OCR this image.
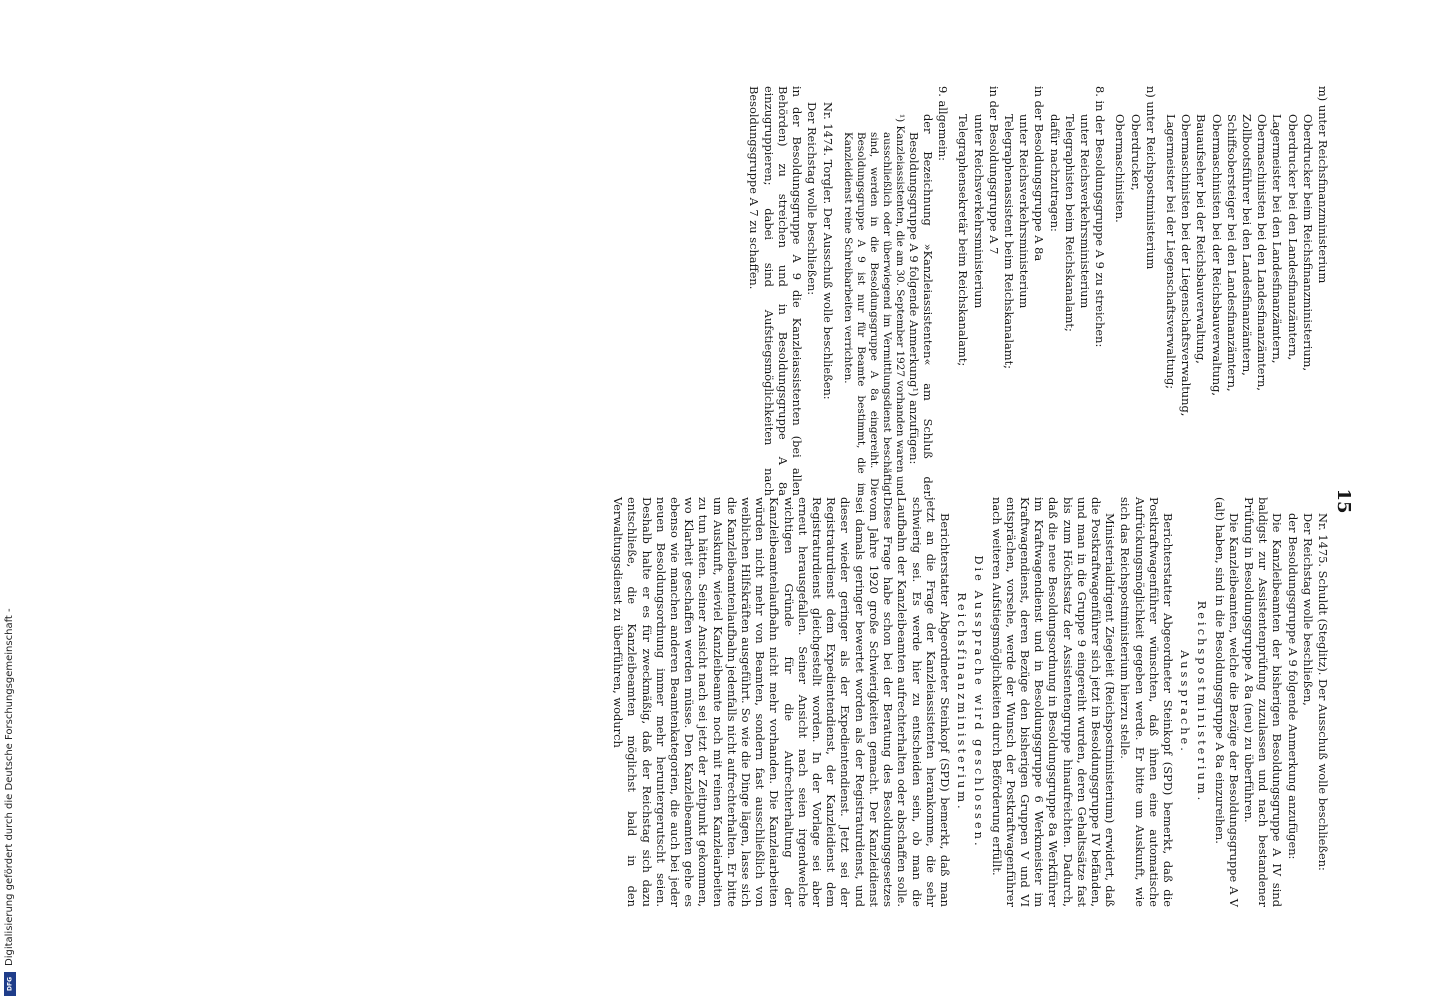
15

m) unter Reichsfinanzministerium

Oberdrucker beim Reichsfinanzministerium,

Oberdrucker bei den Landesfinanzämtern,

Lagermeister bei den Landesfinanzämtern,

Obermaschinisten bei den Landesfinanzämtern,

Zollbootsführer bei den Landesfinanzämtern,

Schiffsobersteiger bei den Landesfinanzämtern,

Obermaschinisten bei der Reichsbauverwaltung,

Bauaufseher bei der Reichsbauverwaltung,

Obermaschinisten bei der Liegenschaftsverwaltung,

Lagermeister bei der Liegenschaftsverwaltung;

n) unter Reichspostministerium

Oberdrucker,

Obermaschinisten.

8. in der Besoldungsgruppe A 9 zu streichen:

unter Reichsverkehrsministerium

Telegraphisten beim Reichskanalamt;

dafür nachzutragen:

in der Besoldungsgruppe A 8a

unter Reichsverkehrsministerium

Telegraphenassistent beim Reichskanalamt;

in der Besoldungsgruppe A 7

unter Reichsverkehrsministerium

Telegraphensekretär beim Reichskanalamt;

9. allgemein:

der Bezeichnung »Kanzleiassistenten« am Schluß der Besoldungsgruppe A 9 folgende Anmerkung¹) anzufügen:

¹) Kanzleiassistenten, die am 30. September 1927 vorhanden waren und ausschließlich oder überwiegend im Vermittlungsdienst beschäftigt sind, werden in die Besoldungsgruppe A 8a eingereiht. Die Besoldungsgruppe A 9 ist nur für Beamte bestimmt, die im Kanzleidienst reine Schreibarbeiten verrichten.

Nr. 1474. Torgler. Der Ausschuß wolle beschließen:

Der Reichstag wolle beschließen:

in der Besoldungsgruppe A 9 die Kanzleiassistenten (bei allen Behörden) zu streichen und in Besoldungsgruppe A 8a einzugruppieren; dabei sind Aufstiegsmöglichkeiten nach Besoldungsgruppe A 7 zu schaffen.

Nr. 1475. Schuldt (Steglitz). Der Ausschuß wolle beschließen:

Der Reichstag wolle beschließen,

der Besoldungsgruppe A 9 folgende Anmerkung anzufügen:

Die Kanzleibeamten der bisherigen Besoldungsgruppe A IV sind baldigst zur Assistentenprüfung zuzulassen und nach bestandener Prüfung in Besoldungsgruppe A 8a (neu) zu überführen.

Die Kanzleibeamten, welche die Bezüge der Besoldungsgruppe A V (alt) haben, sind in die Besoldungsgruppe A 8a einzureihen.

Reichspostministerium.

Aussprache.

Berichterstatter Abgeordneter Steinkopf (SPD) bemerkt, daß die Postkraftwagenführer wünschten, daß ihnen eine automatische Aufrückungsmöglichkeit gegeben werde. Er bitte um Auskunft, wie sich das Reichspostministerium hierzu stelle.

Ministerialdirigent Ziegeleit (Reichspostministerium) erwidert, daß die Postkraftwagenführer sich jetzt in Besoldungsgruppe IV befänden, und man in die Gruppe 9 eingereiht wurden, deren Gehaltssätze fast bis zum Höchstsatz der Assistentengruppe hinaufreichten. Dadurch, daß die neue Besoldungsordnung in Besoldungsgruppe 8a Werkführer im Kraftwagendienst und in Besoldungsgruppe 6 Werkmeister im Kraftwagendienst, deren Bezüge den bisherigen Gruppen V und VI entsprächen, vorsehe, werde der Wunsch der Postkraftwagenführer nach weiteren Aufstiegsmöglichkeiten durch Beförderung erfüllt.

Die Aussprache wird geschlossen.

Reichsfinanzministerium.

Berichterstatter Abgeordneter Steinkopf (SPD) bemerkt, daß man jetzt an die Frage der Kanzleiassistenten herankomme, die sehr schwierig sei. Es werde hier zu entscheiden sein, ob man die Laufbahn der Kanzleibeamten aufrechterhalten oder abschaffen solle. Diese Frage habe schon bei der Beratung des Besoldungsgesetzes vom Jahre 1920 große Schwierigkeiten gemacht. Der Kanzleidienst sei damals geringer bewertet worden als der Registraturdienst, und dieser wieder geringer als der Expedientendienst. Jetzt sei der Registraturdienst dem Expedientendienst, der Kanzleidienst dem Registraturdienst gleichgestellt worden. In der Vorlage sei aber erneut herausgefallen. Seiner Ansicht nach seien irgendwelche wichtigen Gründe für die Aufrechterhaltung der Kanzleibeamtenlaufbahn nicht mehr vorhanden. Die Kanzleiarbeiten würden nicht mehr von Beamten, sondern fast ausschließlich von weiblichen Hilfskräften ausgeführt. So wie die Dinge lägen, lasse sich die Kanzleibeamtenlaufbahn jedenfalls nicht aufrechterhalten. Er bitte um Auskunft, wieviel Kanzleibeamte noch mit reinen Kanzleiarbeiten zu tun hätten. Seiner Ansicht nach sei jetzt der Zeitpunkt gekommen, wo Klarheit geschaffen werden müsse. Den Kanzleibeamten gehe es ebenso wie manchen anderen Beamtenkategorien, die auch bei jeder neuen Besoldungsordnung immer mehr heruntergerutscht seien. Deshalb halte er es für zweckmäßig, daß der Reichstag sich dazu entschließe, die Kanzleibeamten möglichst bald in den Verwaltungsdienst zu überführen, wodurch

Digitalisierung gefördert durch die Deutsche Forschungsgemeinschaft -
DFG
